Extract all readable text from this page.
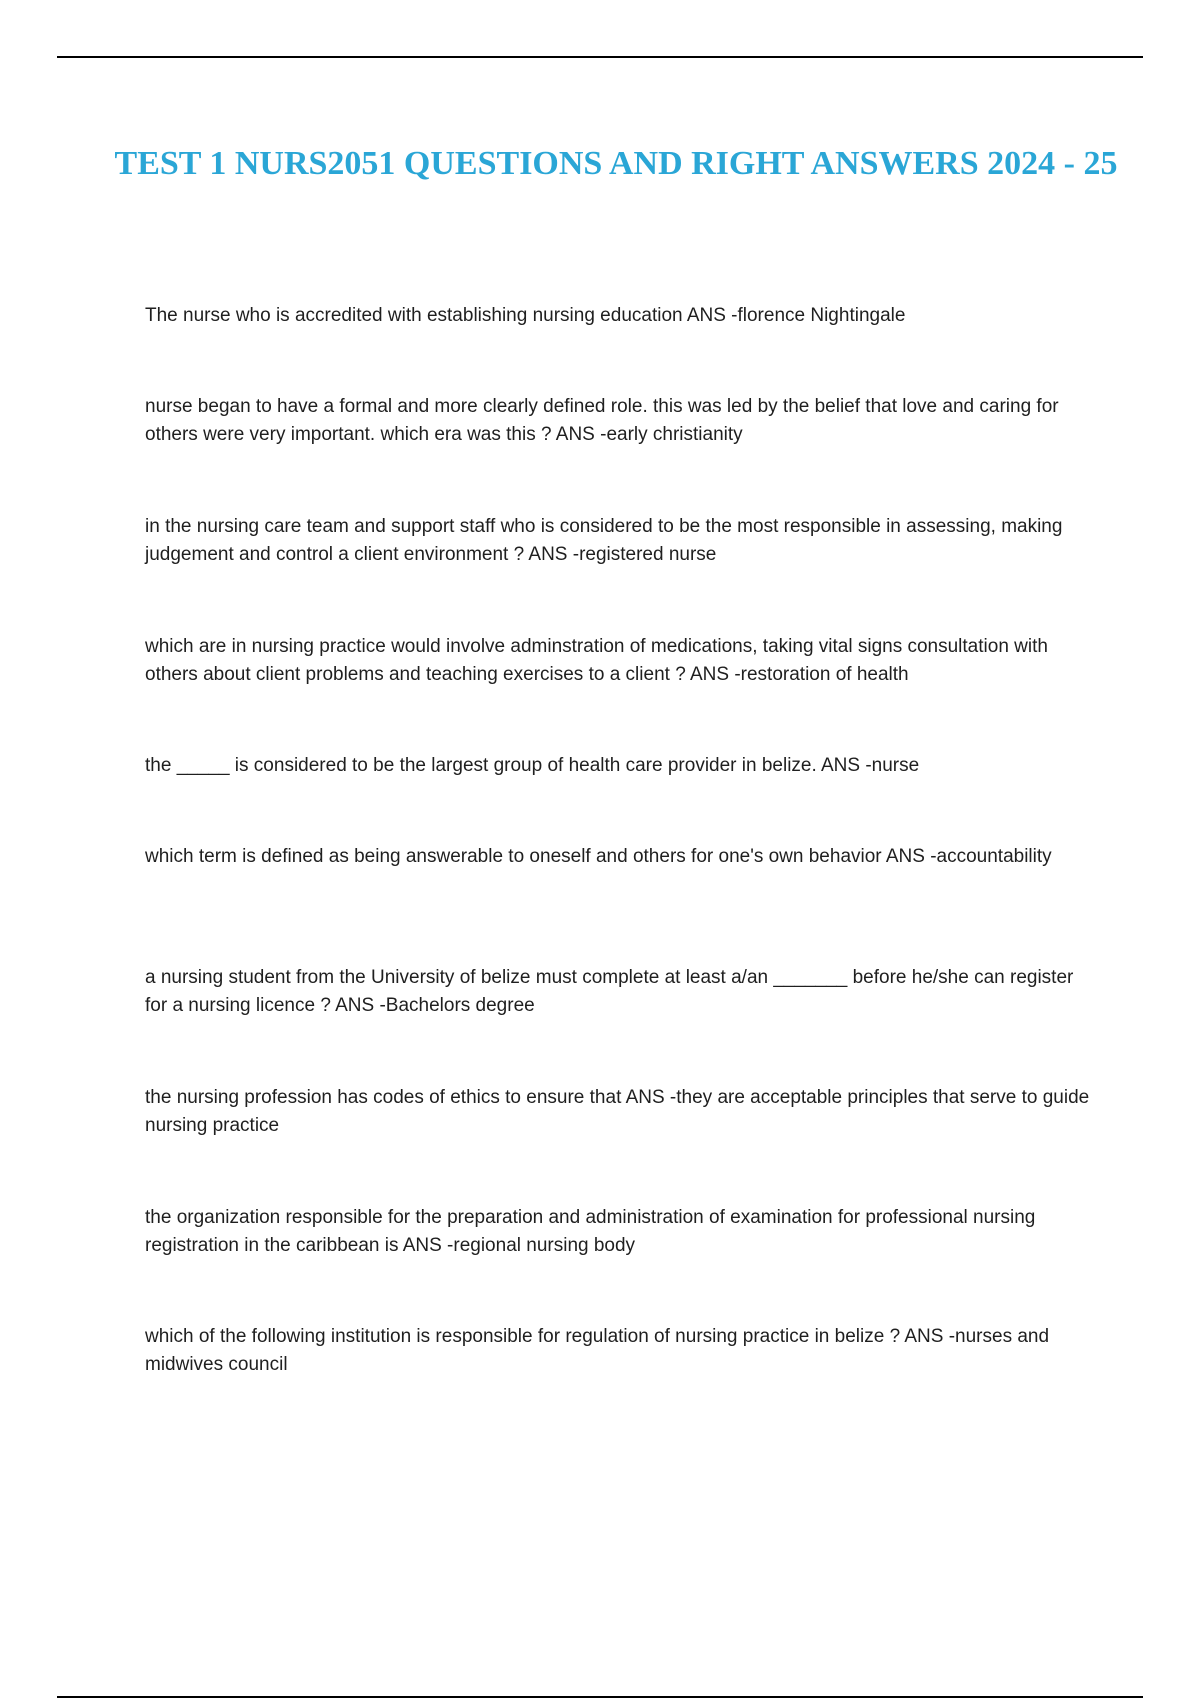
TEST 1 NURS2051 QUESTIONS AND RIGHT ANSWERS 2024 - 25

The nurse who is accredited with establishing nursing education ANS -florence Nightingale

nurse began to have a formal and more clearly defined role. this was led by the belief that love and caring for others were very important. which era was this ? ANS -early christianity

in the nursing care team and support staff who is considered to be the most responsible in assessing, making judgement and control a client environment ? ANS -registered nurse

which are in nursing practice would involve adminstration of medications, taking vital signs consultation with others about client problems and teaching exercises to a client ? ANS -restoration of health

the _____ is considered to be the largest group of health care provider in belize. ANS -nurse

which term is defined as being answerable to oneself and others for one's own behavior ANS -accountability

a nursing student from the University of belize must complete at least a/an _______ before he/she can register for a nursing licence ? ANS -Bachelors degree

the nursing profession has codes of ethics to ensure that ANS -they are acceptable principles that serve to guide nursing practice

the organization responsible for the preparation and administration of examination for professional nursing registration in the caribbean is ANS -regional nursing body

which of the following institution is responsible for regulation of nursing practice in belize ? ANS -nurses and midwives council
